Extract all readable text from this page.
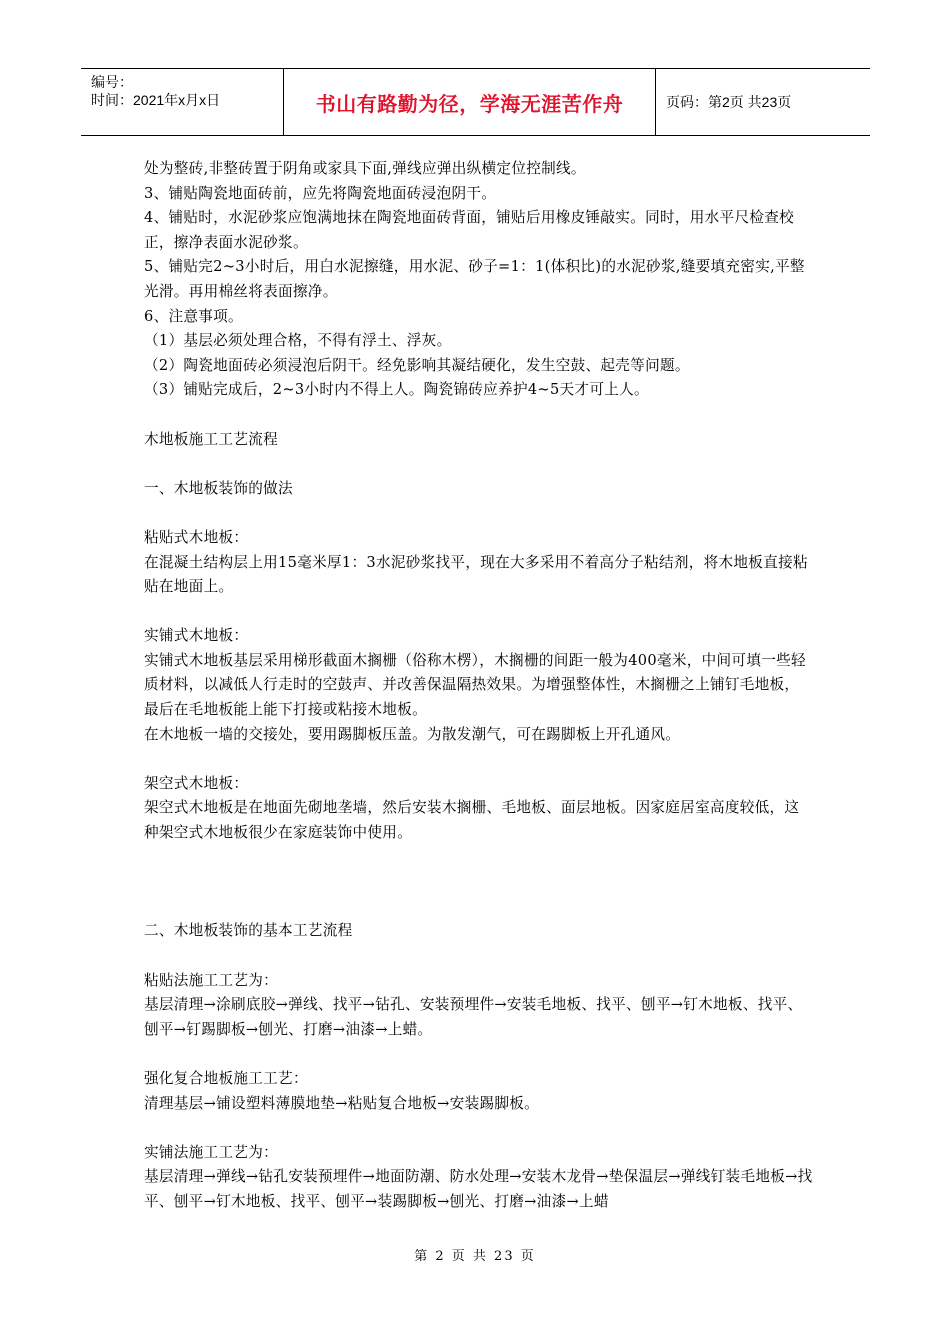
编号：
时间：2021年x月x日	书山有路勤为径，学海无涯苦作舟	页码：第2页 共23页

处为整砖,非整砖置于阴角或家具下面,弹线应弹出纵横定位控制线。

3、铺贴陶瓷地面砖前，应先将陶瓷地面砖浸泡阴干。

4、铺贴时，水泥砂浆应饱满地抹在陶瓷地面砖背面，铺贴后用橡皮锤敲实。同时，用水平尺检查校正，擦净表面水泥砂浆。

5、铺贴完2~3小时后，用白水泥擦缝，用水泥、砂子=1：1(体积比)的水泥砂浆,缝要填充密实,平整光滑。再用棉丝将表面擦净。

6、注意事项。

（1）基层必须处理合格，不得有浮土、浮灰。

（2）陶瓷地面砖必须浸泡后阴干。经免影响其凝结硬化，发生空鼓、起壳等问题。

（3）铺贴完成后，2~3小时内不得上人。陶瓷锦砖应养护4~5天才可上人。

木地板施工工艺流程

一、木地板装饰的做法

粘贴式木地板：

在混凝土结构层上用15毫米厚1：3水泥砂浆找平，现在大多采用不着高分子粘结剂，将木地板直接粘贴在地面上。

实铺式木地板：

实铺式木地板基层采用梯形截面木搁栅（俗称木楞），木搁栅的间距一般为400毫米，中间可填一些轻质材料，以减低人行走时的空鼓声、并改善保温隔热效果。为增强整体性，木搁栅之上铺钉毛地板，最后在毛地板能上能下打接或粘接木地板。

在木地板一墙的交接处，要用踢脚板压盖。为散发潮气，可在踢脚板上开孔通风。

架空式木地板：

架空式木地板是在地面先砌地垄墙，然后安装木搁栅、毛地板、面层地板。因家庭居室高度较低，这种架空式木地板很少在家庭装饰中使用。

二、木地板装饰的基本工艺流程

粘贴法施工工艺为：

基层清理→涂刷底胶→弹线、找平→钻孔、安装预埋件→安装毛地板、找平、刨平→钉木地板、找平、刨平→钉踢脚板→刨光、打磨→油漆→上蜡。

强化复合地板施工工艺：

清理基层→铺设塑料薄膜地垫→粘贴复合地板→安装踢脚板。

实铺法施工工艺为：

基层清理→弹线→钻孔安装预埋件→地面防潮、防水处理→安装木龙骨→垫保温层→弹线钉装毛地板→找平、刨平→钉木地板、找平、刨平→装踢脚板→刨光、打磨→油漆→上蜡

第 2 页 共 23 页
